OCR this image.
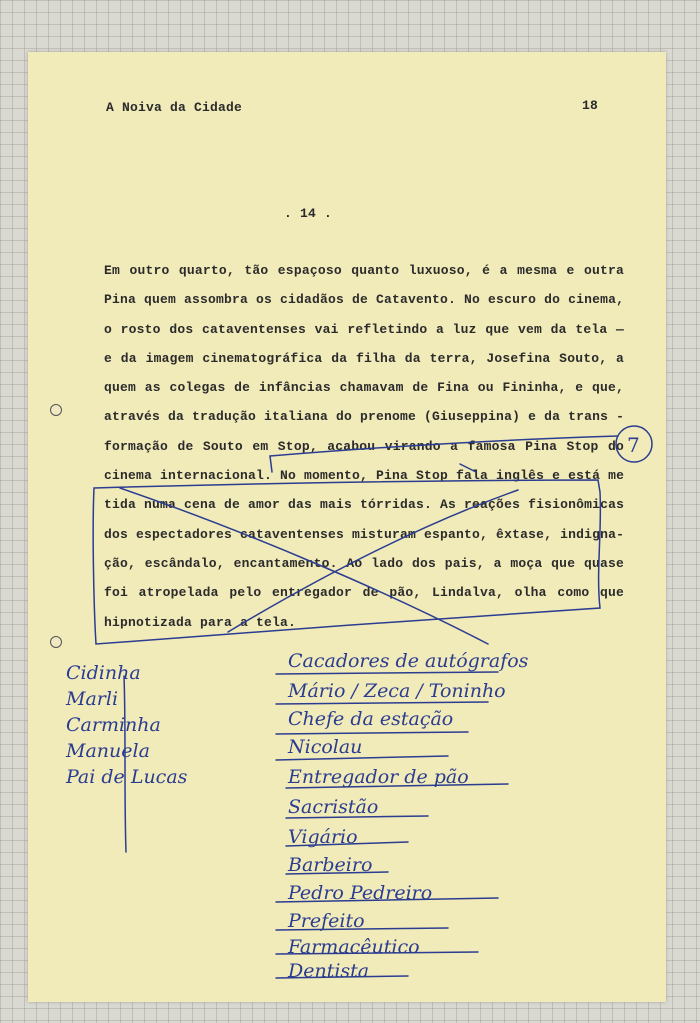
A Noiva da Cidade	18
. 14 .
Em outro quarto, tão espaçoso quanto luxuoso, é a mesma e outra
Pina quem assombra os cidadãos de Catavento. No escuro do cinema,
o rosto dos cataventenses vai refletindo a luz que vem da tela —
e da imagem cinematográfica da filha da terra, Josefina Souto, a
quem as colegas de infâncias chamavam de Fina ou Fininha, e que,
através da tradução italiana do prenome (Giuseppina) e da trans -
formação de Souto em Stop, acabou virando a famosa Pina Stop do
cinema internacional. No momento, Pina Stop fala inglês e está me
tida numa cena de amor das mais tórridas. As reações fisionômicas
dos espectadores cataventenses misturam espanto, êxtase, indigna-
ção, escândalo, encantamento. Ao lado dos pais, a moça que quase
foi atropelada pelo entregador de pão, Lindalva, olha como que
hipnotizada para a tela.
Cidinha
Marli
Carminha
Manuela
Pai de Lucas
Cacadores de autógrafos
Mário / Zeca / Toninho
Chefe da estação
Nicolau
Entregador de pão
Sacristão
Vigário
Barbeiro
Pedro Pedreiro
Prefeito
Farmacêutico
Dentista
7
